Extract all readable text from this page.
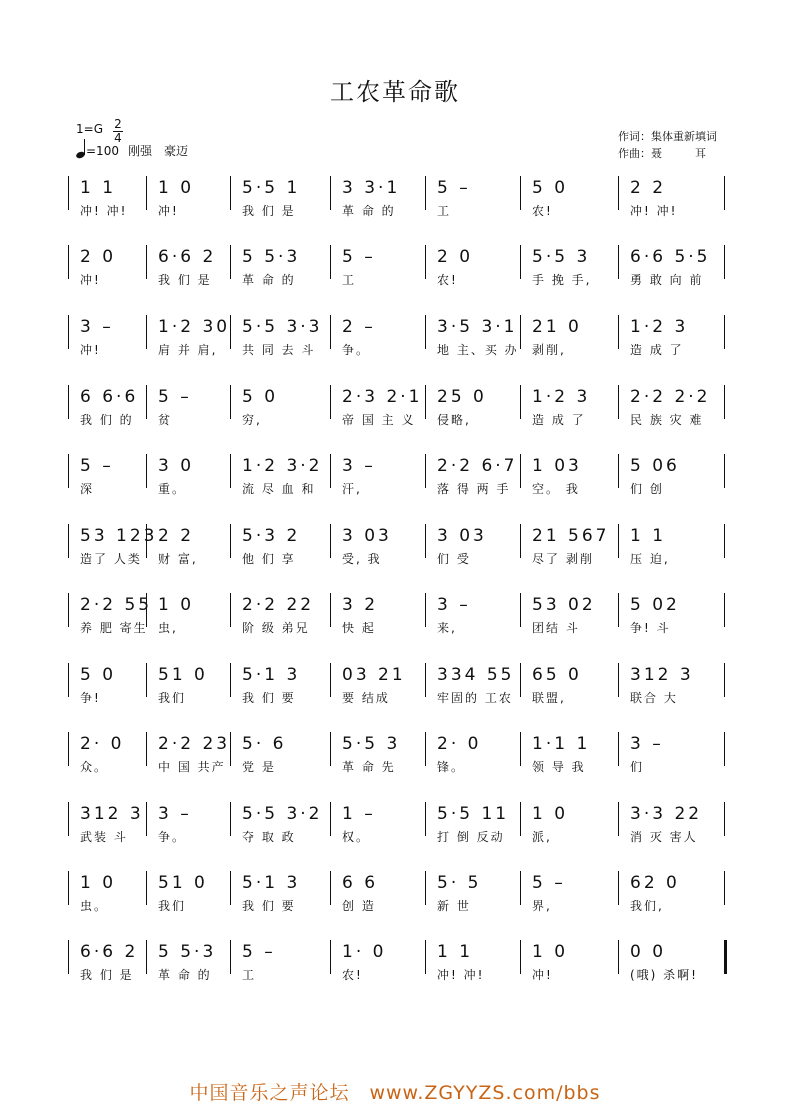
工农革命歌
1=G 2
4
=100 刚强　豪迈
作词：集体重新填词
作曲：聂　　　耳
1 1
冲! 冲!
1 0
冲!
5·5 1
我 们 是
3 3·1
革 命 的
5 –
工
5 0
农!
2 2
冲! 冲!
2 0
冲!
6·6 2
我 们 是
5 5·3
革 命 的
5 –
工
2 0
农!
5·5 3
手 挽 手,
6·6 5·5
勇 敢 向 前
3 –
冲!
1·2 30
肩 并 肩,
5·5 3·3
共 同 去 斗
2 –
争。
3·5 3·1
地 主、买 办
21 0
剥削,
1·2 3
造 成 了
6 6·6
我 们 的
5 –
贫
5 0
穷,
2·3 2·1
帝 国 主 义
25 0
侵略,
1·2 3
造 成 了
2·2 2·2
民 族 灾 难
5 –
深
3 0
重。
1·2 3·2
流 尽 血 和
3 –
汗,
2·2 6·7
落 得 两 手
1 03
空。 我
5 06
们 创
53 123
造了 人类
2 2
财 富,
5·3 2
他 们 享
3 03
受, 我
3 03
们 受
21 567
尽了 剥削
1 1
压 迫,
2·2 55
养 肥 寄生
1 0
虫,
2·2 22
阶 级 弟兄
3 2
快 起
3 –
来,
53 02
团结 斗
5 02
争! 斗
5 0
争!
51 0
我们
5·1 3
我 们 要
03 21
要 结成
334 55
牢固的 工农
65 0
联盟,
312 3
联合 大
2· 0
众。
2·2 23
中 国 共产
5· 6
党 是
5·5 3
革 命 先
2· 0
锋。
1·1 1
领 导 我
3 –
们
312 3
武装 斗
3 –
争。
5·5 3·2
夺 取 政
1 –
权。
5·5 11
打 倒 反动
1 0
派,
3·3 22
消 灭 害人
1 0
虫。
51 0
我们
5·1 3
我 们 要
6 6
创 造
5· 5
新 世
5 –
界,
62 0
我们,
6·6 2
我 们 是
5 5·3
革 命 的
5 –
工
1· 0
农!
1 1
冲! 冲!
1 0
冲!
0 0
(哦) 杀啊!
中国音乐之声论坛　www.ZGYYZS.com/bbs
